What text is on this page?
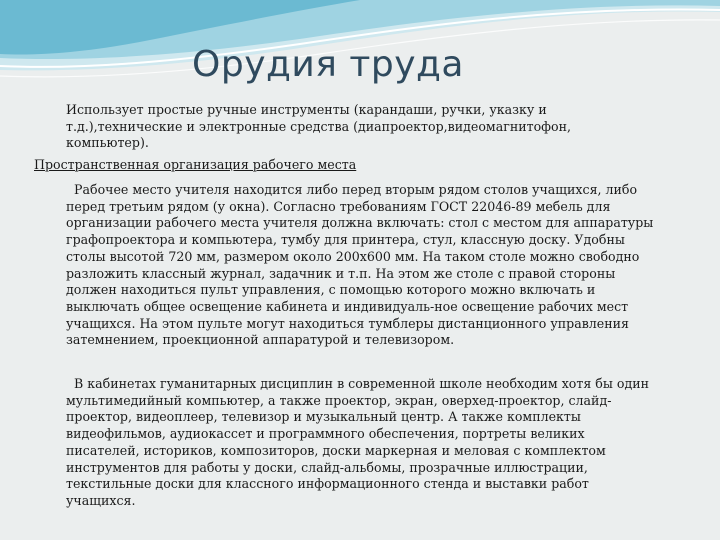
Орудия труда
Использует простые ручные инструменты (карандаши, ручки, указку и т.д.),технические и электронные средства (диапроектор,видеомагнитофон, компьютер).
Пространственная организация рабочего места
Рабочее место учителя находится либо перед вторым рядом столов учащихся, либо перед третьим рядом (у окна). Согласно требованиям ГОСТ 22046-89 мебель для организации рабочего места учителя должна включать: стол с местом для аппаратуры графопроектора и компьютера, тумбу для принтера, стул, классную доску. Удобны столы высотой 720 мм, размером около 200х600 мм. На таком столе можно свободно разложить классный журнал, задачник и т.п. На этом же столе с правой стороны должен находиться пульт управления, с помощью которого можно включать и выключать общее освещение кабинета и индивидуаль-ное освещение рабочих мест учащихся. На этом пульте могут находиться тумблеры дистанционного управления затемнением, проекционной аппаратурой и телевизором.
В кабинетах гуманитарных дисциплин в современной школе необходим хотя бы один мультимедийный компьютер, а также проектор, экран, оверхед-проектор, слайд-проектор, видеоплеер, телевизор и музыкальный центр. А также комплекты видеофильмов, аудиокассет и программного обеспечения, портреты великих писателей, историков, композиторов, доски маркерная и меловая с комплектом инструментов для работы у доски, слайд-альбомы, прозрачные иллюстрации, текстильные доски для классного информационного стенда и выставки работ учащихся.
